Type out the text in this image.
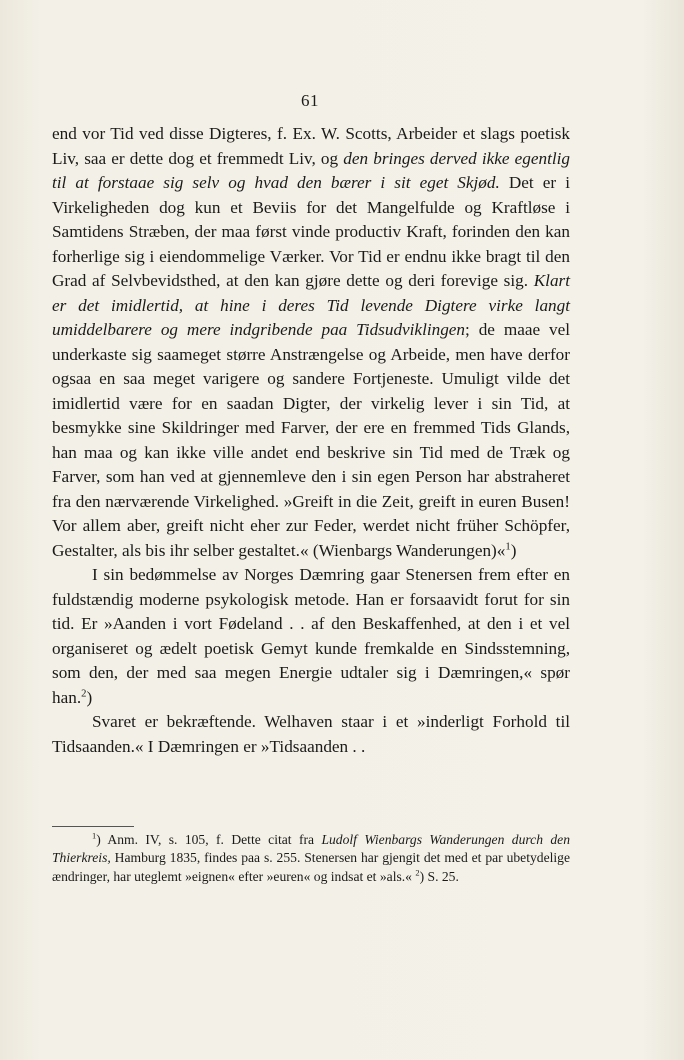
61

end vor Tid ved disse Digteres, f. Ex. W. Scotts, Arbeider et slags poetisk Liv, saa er dette dog et fremmedt Liv, og den bringes derved ikke egentlig til at forstaae sig selv og hvad den bærer i sit eget Skjød. Det er i Virkeligheden dog kun et Beviis for det Mangelfulde og Kraftløse i Samtidens Stræben, der maa først vinde productiv Kraft, forinden den kan forherlige sig i eiendommelige Værker. Vor Tid er endnu ikke bragt til den Grad af Selvbevidsthed, at den kan gjøre dette og deri forevige sig. Klart er det imidlertid, at hine i deres Tid levende Digtere virke langt umiddelbarere og mere indgribende paa Tidsudviklingen; de maae vel underkaste sig saameget større Anstrængelse og Arbeide, men have derfor ogsaa en saa meget varigere og sandere Fortjeneste. Umuligt vilde det imidlertid være for en saadan Digter, der virkelig lever i sin Tid, at besmykke sine Skildringer med Farver, der ere en fremmed Tids Glands, han maa og kan ikke ville andet end beskrive sin Tid med de Træk og Farver, som han ved at gjennemleve den i sin egen Person har abstraheret fra den nærværende Virkelighed. »Greift in die Zeit, greift in euren Busen! Vor allem aber, greift nicht eher zur Feder, werdet nicht früher Schöpfer, Gestalter, als bis ihr selber gestaltet.« (Wienbargs Wanderungen)«$^1$)

I sin bedømmelse av Norges Dæmring gaar Stenersen frem efter en fuldstændig moderne psykologisk metode. Han er forsaavidt forut for sin tid. Er »Aanden i vort Fødeland . . af den Beskaffenhed, at den i et vel organiseret og ædelt poetisk Gemyt kunde fremkalde en Sindsstemning, som den, der med saa megen Energie udtaler sig i Dæmringen,« spør han.$^2$)

Svaret er bekræftende. Welhaven staar i et »inderligt Forhold til Tidsaanden.« I Dæmringen er »Tidsaanden . .

$^1$) Anm. IV, s. 105, f. Dette citat fra Ludolf Wienbargs Wanderungen durch den Thierkreis, Hamburg 1835, findes paa s. 255. Stenersen har gjengit det med et par ubetydelige ændringer, har uteglemt »eignen« efter »euren« og indsat et »als.« $^2$) S. 25.
